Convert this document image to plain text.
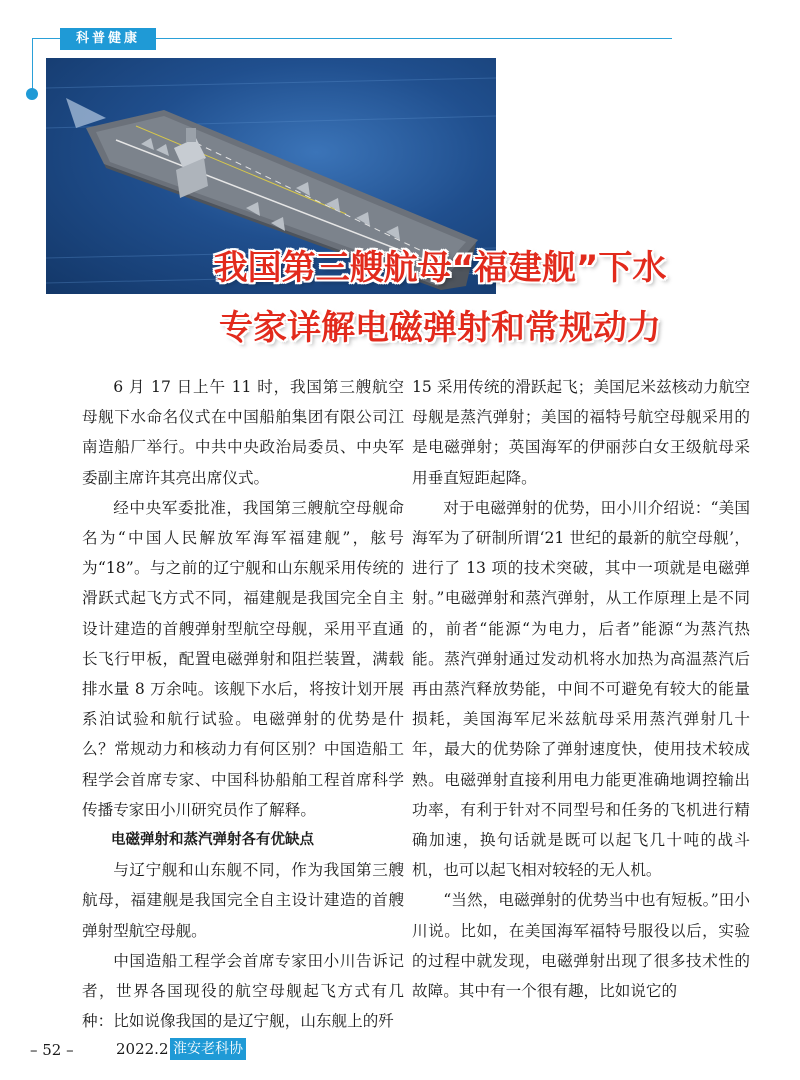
科普健康
我国第三艘航母“福建舰”下水
专家详解电磁弹射和常规动力

6 月 17 日上午 11 时，我国第三艘航空母舰下水命名仪式在中国船舶集团有限公司江南造船厂举行。中共中央政治局委员、中央军委副主席许其亮出席仪式。

经中央军委批准，我国第三艘航空母舰命名为“中国人民解放军海军福建舰”，舷号为“18”。与之前的辽宁舰和山东舰采用传统的滑跃式起飞方式不同，福建舰是我国完全自主设计建造的首艘弹射型航空母舰，采用平直通长飞行甲板，配置电磁弹射和阻拦装置，满载排水量 8 万余吨。该舰下水后，将按计划开展系泊试验和航行试验。电磁弹射的优势是什么？常规动力和核动力有何区别？中国造船工程学会首席专家、中国科协船舶工程首席科学传播专家田小川研究员作了解释。

电磁弹射和蒸汽弹射各有优缺点

与辽宁舰和山东舰不同，作为我国第三艘航母，福建舰是我国完全自主设计建造的首艘弹射型航空母舰。

中国造船工程学会首席专家田小川告诉记者，世界各国现役的航空母舰起飞方式有几种：比如说像我国的是辽宁舰，山东舰上的歼

15 采用传统的滑跃起飞；美国尼米兹核动力航空母舰是蒸汽弹射；美国的福特号航空母舰采用的是电磁弹射；英国海军的伊丽莎白女王级航母采用垂直短距起降。

对于电磁弹射的优势，田小川介绍说：“美国海军为了研制所谓‘21 世纪的最新的航空母舰’，进行了 13 项的技术突破，其中一项就是电磁弹射。”电磁弹射和蒸汽弹射，从工作原理上是不同的，前者“能源“为电力，后者”能源“为蒸汽热能。蒸汽弹射通过发动机将水加热为高温蒸汽后再由蒸汽释放势能，中间不可避免有较大的能量损耗，美国海军尼米兹航母采用蒸汽弹射几十年，最大的优势除了弹射速度快，使用技术较成熟。电磁弹射直接利用电力能更准确地调控输出功率，有利于针对不同型号和任务的飞机进行精确加速，换句话就是既可以起飞几十吨的战斗机，也可以起飞相对较轻的无人机。

“当然，电磁弹射的优势当中也有短板。”田小川说。比如，在美国海军福特号服役以后，实验的过程中就发现，电磁弹射出现了很多技术性的故障。其中有一个很有趣，比如说它的

– 52 –	2022.2 淮安老科协
